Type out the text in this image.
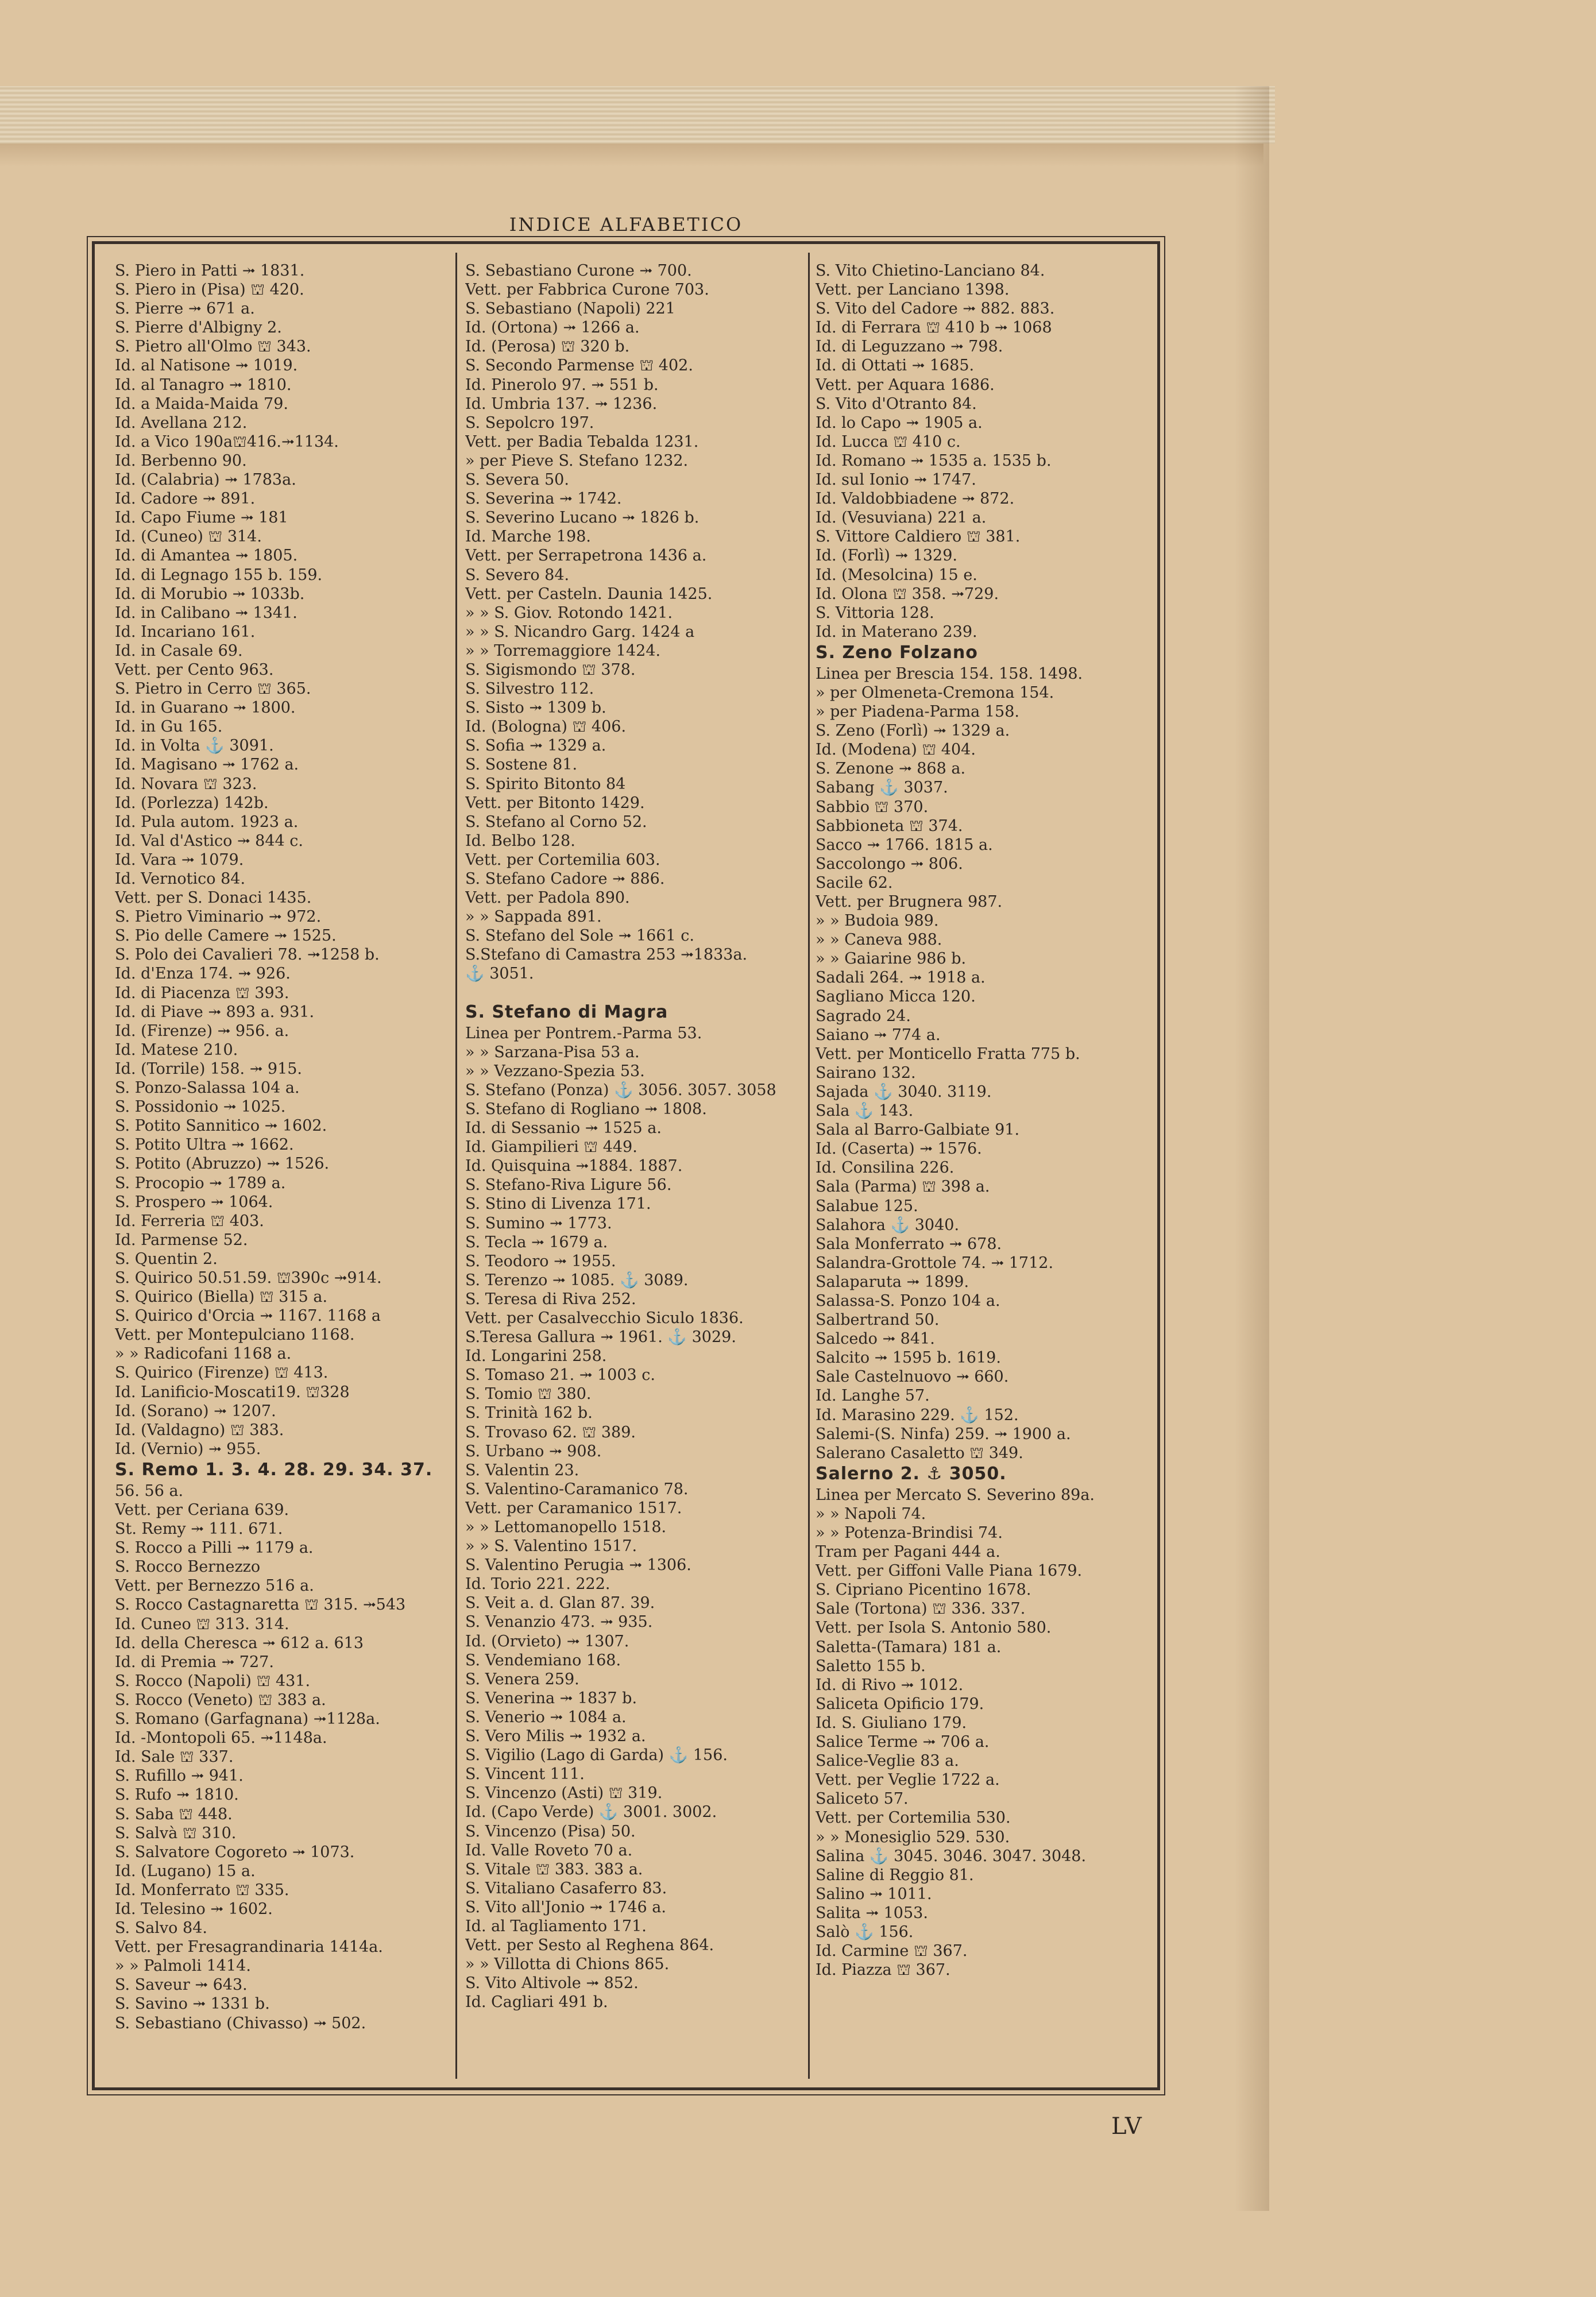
INDICE ALFABETICO
S. Piero in Patti ⤞ 1831.
S. Piero in (Pisa) ⛫ 420.
S. Pierre ⤞ 671 a.
S. Pierre d'Albigny 2.
S. Pietro all'Olmo ⛫ 343.
Id. al Natisone ⤞ 1019.
Id. al Tanagro ⤞ 1810.
Id. a Maida-Maida 79.
Id. Avellana 212.
Id. a Vico 190a⛫416.⤞1134.
Id. Berbenno 90.
Id. (Calabria) ⤞ 1783a.
Id. Cadore ⤞ 891.
Id. Capo Fiume ⤞ 181
Id. (Cuneo) ⛫ 314.
Id. di Amantea ⤞ 1805.
Id. di Legnago 155 b. 159.
Id. di Morubio ⤞ 1033b.
Id. in Calibano ⤞ 1341.
Id. Incariano 161.
Id. in Casale 69.
Vett. per Cento 963.
S. Pietro in Cerro ⛫ 365.
Id. in Guarano ⤞ 1800.
Id. in Gu 165.
Id. in Volta ⚓ 3091.
Id. Magisano ⤞ 1762 a.
Id. Novara ⛫ 323.
Id. (Porlezza) 142b.
Id. Pula autom. 1923 a.
Id. Val d'Astico ⤞ 844 c.
Id. Vara ⤞ 1079.
Id. Vernotico 84.
Vett. per S. Donaci 1435.
S. Pietro Viminario ⤞ 972.
S. Pio delle Camere ⤞ 1525.
S. Polo dei Cavalieri 78. ⤞1258 b.
Id. d'Enza 174. ⤞ 926.
Id. di Piacenza ⛫ 393.
Id. di Piave ⤞ 893 a. 931.
Id. (Firenze) ⤞ 956. a.
Id. Matese 210.
Id. (Torrile) 158. ⤞ 915.
S. Ponzo-Salassa 104 a.
S. Possidonio ⤞ 1025.
S. Potito Sannitico ⤞ 1602.
S. Potito Ultra ⤞ 1662.
S. Potito (Abruzzo) ⤞ 1526.
S. Procopio ⤞ 1789 a.
S. Prospero ⤞ 1064.
Id. Ferreria ⛫ 403.
Id. Parmense 52.
S. Quentin 2.
S. Quirico 50.51.59. ⛫390c ⤞914.
S. Quirico (Biella) ⛫ 315 a.
S. Quirico d'Orcia ⤞ 1167. 1168 a
Vett. per Montepulciano 1168.
» » Radicofani 1168 a.
S. Quirico (Firenze) ⛫ 413.
Id. Lanificio-Moscati19. ⛫328
Id. (Sorano) ⤞ 1207.
Id. (Valdagno) ⛫ 383.
Id. (Vernio) ⤞ 955.
S. Remo 1. 3. 4. 28. 29. 34. 37.
56. 56 a.
Vett. per Ceriana 639.
St. Remy ⤞ 111. 671.
S. Rocco a Pilli ⤞ 1179 a.
S. Rocco Bernezzo
Vett. per Bernezzo 516 a.
S. Rocco Castagnaretta ⛫ 315. ⤞543
Id. Cuneo ⛫ 313. 314.
Id. della Cheresca ⤞ 612 a. 613
Id. di Premia ⤞ 727.
S. Rocco (Napoli) ⛫ 431.
S. Rocco (Veneto) ⛫ 383 a.
S. Romano (Garfagnana) ⤞1128a.
Id. -Montopoli 65. ⤞1148a.
Id. Sale ⛫ 337.
S. Rufillo ⤞ 941.
S. Rufo ⤞ 1810.
S. Saba ⛫ 448.
S. Salvà ⛫ 310.
S. Salvatore Cogoreto ⤞ 1073.
Id. (Lugano) 15 a.
Id. Monferrato ⛫ 335.
Id. Telesino ⤞ 1602.
S. Salvo 84.
Vett. per Fresagrandinaria 1414a.
» » Palmoli 1414.
S. Saveur ⤞ 643.
S. Savino ⤞ 1331 b.
S. Sebastiano (Chivasso) ⤞ 502.
S. Sebastiano Curone ⤞ 700.
Vett. per Fabbrica Curone 703.
S. Sebastiano (Napoli) 221
Id. (Ortona) ⤞ 1266 a.
Id. (Perosa) ⛫ 320 b.
S. Secondo Parmense ⛫ 402.
Id. Pinerolo 97. ⤞ 551 b.
Id. Umbria 137. ⤞ 1236.
S. Sepolcro 197.
Vett. per Badia Tebalda 1231.
» per Pieve S. Stefano 1232.
S. Severa 50.
S. Severina ⤞ 1742.
S. Severino Lucano ⤞ 1826 b.
Id. Marche 198.
Vett. per Serrapetrona 1436 a.
S. Severo 84.
Vett. per Casteln. Daunia 1425.
» » S. Giov. Rotondo 1421.
» » S. Nicandro Garg. 1424 a
» » Torremaggiore 1424.
S. Sigismondo ⛫ 378.
S. Silvestro 112.
S. Sisto ⤞ 1309 b.
Id. (Bologna) ⛫ 406.
S. Sofia ⤞ 1329 a.
S. Sostene 81.
S. Spirito Bitonto 84
Vett. per Bitonto 1429.
S. Stefano al Corno 52.
Id. Belbo 128.
Vett. per Cortemilia 603.
S. Stefano Cadore ⤞ 886.
Vett. per Padola 890.
» » Sappada 891.
S. Stefano del Sole ⤞ 1661 c.
S.Stefano di Camastra 253 ⤞1833a.
⚓ 3051.
S. Stefano di Magra
Linea per Pontrem.-Parma 53.
» » Sarzana-Pisa 53 a.
» » Vezzano-Spezia 53.
S. Stefano (Ponza) ⚓ 3056. 3057. 3058
S. Stefano di Rogliano ⤞ 1808.
Id. di Sessanio ⤞ 1525 a.
Id. Giampilieri ⛫ 449.
Id. Quisquina ⤞1884. 1887.
S. Stefano-Riva Ligure 56.
S. Stino di Livenza 171.
S. Sumino ⤞ 1773.
S. Tecla ⤞ 1679 a.
S. Teodoro ⤞ 1955.
S. Terenzo ⤞ 1085. ⚓ 3089.
S. Teresa di Riva 252.
Vett. per Casalvecchio Siculo 1836.
S.Teresa Gallura ⤞ 1961. ⚓ 3029.
Id. Longarini 258.
S. Tomaso 21. ⤞ 1003 c.
S. Tomio ⛫ 380.
S. Trinità 162 b.
S. Trovaso 62. ⛫ 389.
S. Urbano ⤞ 908.
S. Valentin 23.
S. Valentino-Caramanico 78.
Vett. per Caramanico 1517.
» » Lettomanopello 1518.
» » S. Valentino 1517.
S. Valentino Perugia ⤞ 1306.
Id. Torio 221. 222.
S. Veit a. d. Glan 87. 39.
S. Venanzio 473. ⤞ 935.
Id. (Orvieto) ⤞ 1307.
S. Vendemiano 168.
S. Venera 259.
S. Venerina ⤞ 1837 b.
S. Venerio ⤞ 1084 a.
S. Vero Milis ⤞ 1932 a.
S. Vigilio (Lago di Garda) ⚓ 156.
S. Vincent 111.
S. Vincenzo (Asti) ⛫ 319.
Id. (Capo Verde) ⚓ 3001. 3002.
S. Vincenzo (Pisa) 50.
Id. Valle Roveto 70 a.
S. Vitale ⛫ 383. 383 a.
S. Vitaliano Casaferro 83.
S. Vito all'Jonio ⤞ 1746 a.
Id. al Tagliamento 171.
Vett. per Sesto al Reghena 864.
» » Villotta di Chions 865.
S. Vito Altivole ⤞ 852.
Id. Cagliari 491 b.
S. Vito Chietino-Lanciano 84.
Vett. per Lanciano 1398.
S. Vito del Cadore ⤞ 882. 883.
Id. di Ferrara ⛫ 410 b ⤞ 1068
Id. di Leguzzano ⤞ 798.
Id. di Ottati ⤞ 1685.
Vett. per Aquara 1686.
S. Vito d'Otranto 84.
Id. lo Capo ⤞ 1905 a.
Id. Lucca ⛫ 410 c.
Id. Romano ⤞ 1535 a. 1535 b.
Id. sul Ionio ⤞ 1747.
Id. Valdobbiadene ⤞ 872.
Id. (Vesuviana) 221 a.
S. Vittore Caldiero ⛫ 381.
Id. (Forlì) ⤞ 1329.
Id. (Mesolcina) 15 e.
Id. Olona ⛫ 358. ⤞729.
S. Vittoria 128.
Id. in Materano 239.
S. Zeno Folzano
Linea per Brescia 154. 158. 1498.
» per Olmeneta-Cremona 154.
» per Piadena-Parma 158.
S. Zeno (Forlì) ⤞ 1329 a.
Id. (Modena) ⛫ 404.
S. Zenone ⤞ 868 a.
Sabang ⚓ 3037.
Sabbio ⛫ 370.
Sabbioneta ⛫ 374.
Sacco ⤞ 1766. 1815 a.
Saccolongo ⤞ 806.
Sacile 62.
Vett. per Brugnera 987.
» » Budoia 989.
» » Caneva 988.
» » Gaiarine 986 b.
Sadali 264. ⤞ 1918 a.
Sagliano Micca 120.
Sagrado 24.
Saiano ⤞ 774 a.
Vett. per Monticello Fratta 775 b.
Sairano 132.
Sajada ⚓ 3040. 3119.
Sala ⚓ 143.
Sala al Barro-Galbiate 91.
Id. (Caserta) ⤞ 1576.
Id. Consilina 226.
Sala (Parma) ⛫ 398 a.
Salabue 125.
Salahora ⚓ 3040.
Sala Monferrato ⤞ 678.
Salandra-Grottole 74. ⤞ 1712.
Salaparuta ⤞ 1899.
Salassa-S. Ponzo 104 a.
Salbertrand 50.
Salcedo ⤞ 841.
Salcito ⤞ 1595 b. 1619.
Sale Castelnuovo ⤞ 660.
Id. Langhe 57.
Id. Marasino 229. ⚓ 152.
Salemi-(S. Ninfa) 259. ⤞ 1900 a.
Salerano Casaletto ⛫ 349.
Salerno 2. ⚓ 3050.
Linea per Mercato S. Severino 89a.
» » Napoli 74.
» » Potenza-Brindisi 74.
Tram per Pagani 444 a.
Vett. per Giffoni Valle Piana 1679.
S. Cipriano Picentino 1678.
Sale (Tortona) ⛫ 336. 337.
Vett. per Isola S. Antonio 580.
Saletta-(Tamara) 181 a.
Saletto 155 b.
Id. di Rivo ⤞ 1012.
Saliceta Opificio 179.
Id. S. Giuliano 179.
Salice Terme ⤞ 706 a.
Salice-Veglie 83 a.
Vett. per Veglie 1722 a.
Saliceto 57.
Vett. per Cortemilia 530.
» » Monesiglio 529. 530.
Salina ⚓ 3045. 3046. 3047. 3048.
Saline di Reggio 81.
Salino ⤞ 1011.
Salita ⤞ 1053.
Salò ⚓ 156.
Id. Carmine ⛫ 367.
Id. Piazza ⛫ 367.
LV
